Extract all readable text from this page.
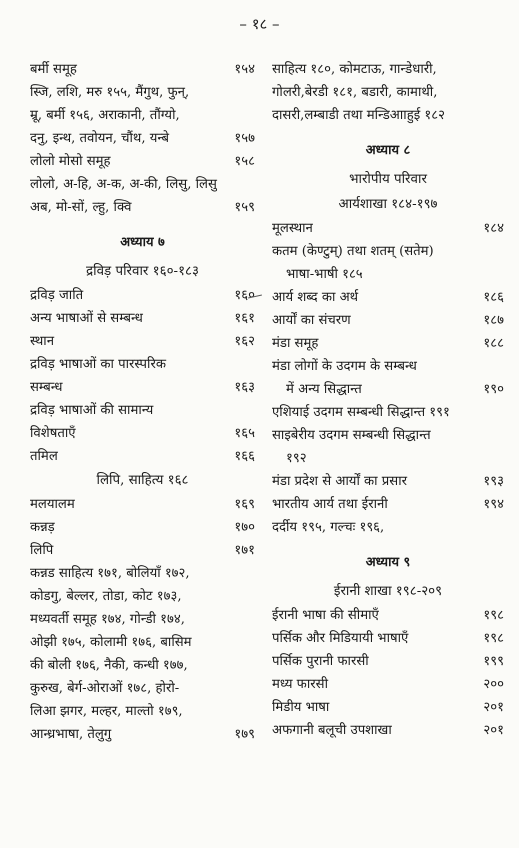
– १८ –
बर्मी समूह	१५४
स्जि, लशि, मरु १५५, मैंगुथ, फुन्,
म्रू, बर्मी १५६, अराकानी, तौंग्यो,
दनु, इन्थ, तवोयन, चौंथ, यन्बे	१५७
लोलो मोसो समूह	१५८
लोलो, अ-हि, अ-क, अ-की, लिसु, लिसु
अब, मो-सों, ल्हु, क्वि	१५९
अध्याय ७
द्रविड़ परिवार १६०-१८३
द्रविड़ जाति	१६०
अन्य भाषाओं से सम्बन्ध	१६१
स्थान	१६२
द्रविड़ भाषाओं का पारस्परिक
सम्बन्ध	१६३
द्रविड़ भाषाओं की सामान्य
विशेषताएँ	१६५
तमिल	१६६
लिपि, साहित्य १६८
मलयालम	१६९
कन्नड़	१७०
लिपि	१७१
कन्नड साहित्य १७१, बोलियाँ १७२,
कोडगु, बेल्लर, तोडा, कोट १७३,
मध्यवर्ती समूह १७४, गोन्डी १७४,
ओझी १७५, कोलामी १७६, बासिम
की बोली १७६, नैकी, कन्धी १७७,
कुरुख, बेर्ग-ओराओं १७८, होरो-
लिआ झगर, मल्हर, माल्तो १७९,
आन्ध्रभाषा, तेलुगु	१७९
साहित्य १८०, कोमटाऊ, गान्डेधारी,
गोलरी,बेरडी १८१, बडारी, कामाथी,
दासरी,लम्बाडी तथा मन्डिआाहुई १८२
अध्याय ८
भारोपीय परिवार
आर्यशाखा १८४-१९७
मूलस्थान	१८४
कतम (केण्टुम्) तथा शतम् (सतेम)
भाषा-भाषी १८५
आर्य शब्द का अर्थ	१८६
आर्यों का संचरण	१८७
मंडा समूह	१८८
मंडा लोगों के उदगम के सम्बन्ध
में अन्य सिद्धान्त	१९०
एशियाई उदगम सम्बन्धी सिद्धान्त १९१
साइबेरीय उदगम सम्बन्धी सिद्धान्त
१९२
मंडा प्रदेश से आर्यों का प्रसार	१९३
भारतीय आर्य तथा ईरानी	१९४
दर्दीय १९५, गल्चः १९६,
अध्याय ९
ईरानी शाखा १९८-२०९
ईरानी भाषा की सीमाएँ	१९८
पर्सिक और मिडियायी भाषाएँ	१९८
पर्सिक पुरानी फारसी	१९९
मध्य फारसी	२००
मिडीय भाषा	२०१
अफगानी बलूची उपशाखा	२०१
